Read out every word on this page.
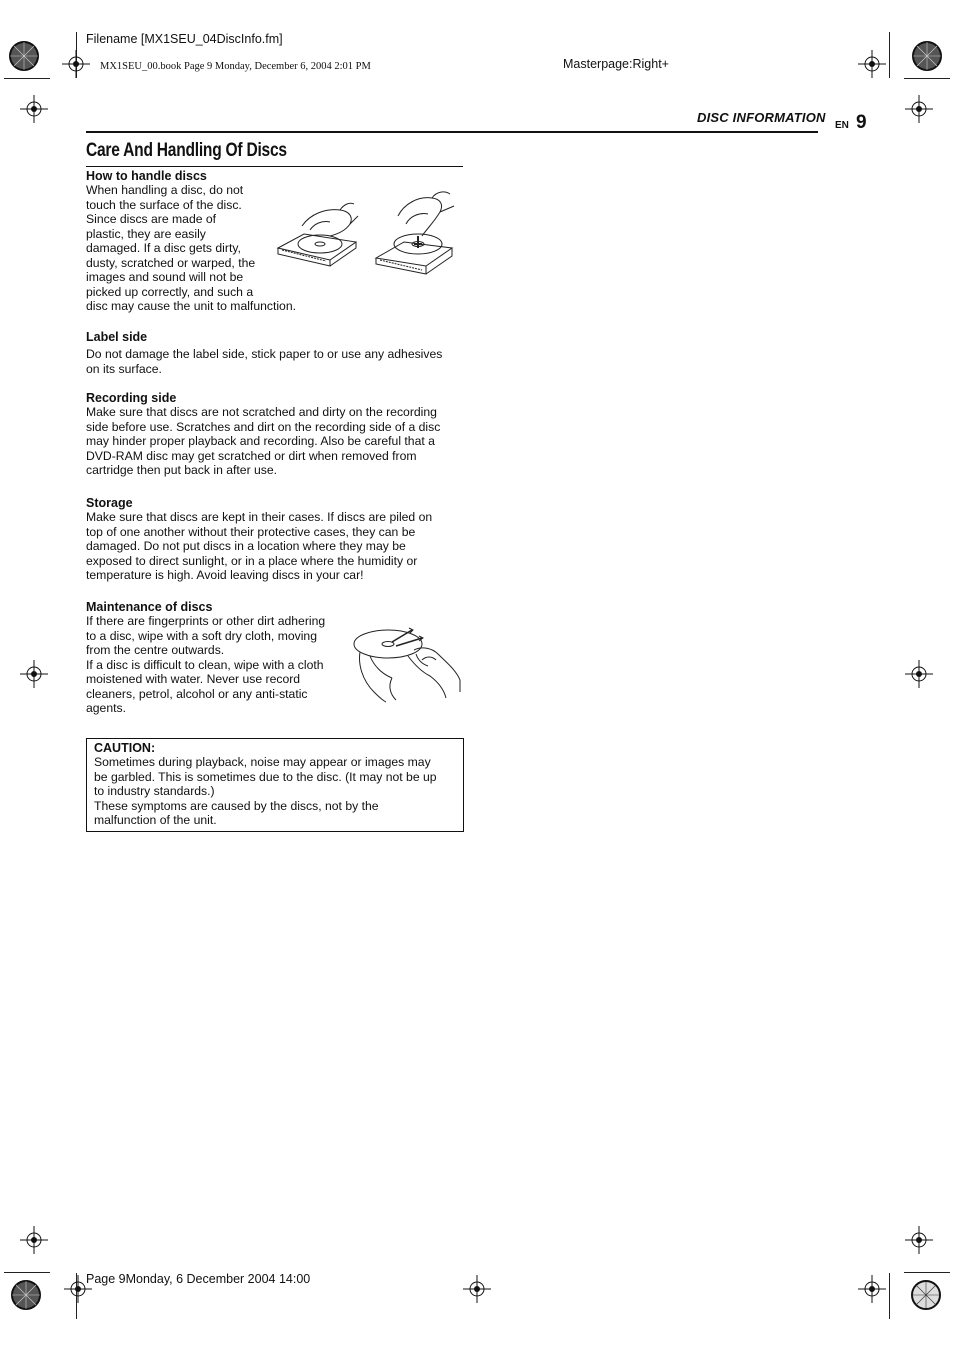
Filename [MX1SEU_04DiscInfo.fm]
MX1SEU_00.book Page 9 Monday, December 6, 2004 2:01 PM	Masterpage:Right+
DISC INFORMATION
EN 9
Care And Handling Of Discs
How to handle discs

When handling a disc, do not

touch the surface of the disc.

Since discs are made of

plastic, they are easily

damaged. If a disc gets dirty,

dusty, scratched or warped, the

images and sound will not be

picked up correctly, and such a

disc may cause the unit to malfunction.

Label side

Do not damage the label side, stick paper to or use any adhesives

on its surface.

Recording side

Make sure that discs are not scratched and dirty on the recording

side before use. Scratches and dirt on the recording side of a disc

may hinder proper playback and recording. Also be careful that a

DVD-RAM disc may get scratched or dirt when removed from

cartridge then put back in after use.

Storage

Make sure that discs are kept in their cases. If discs are piled on

top of one another without their protective cases, they can be

damaged. Do not put discs in a location where they may be

exposed to direct sunlight, or in a place where the humidity or

temperature is high. Avoid leaving discs in your car!

Maintenance of discs

If there are fingerprints or other dirt adhering

to a disc, wipe with a soft dry cloth, moving

from the centre outwards.

If a disc is difficult to clean, wipe with a cloth

moistened with water. Never use record

cleaners, petrol, alcohol or any anti-static

agents.

CAUTION:

Sometimes during playback, noise may appear or images may

be garbled. This is sometimes due to the disc. (It may not be up

to industry standards.)

These symptoms are caused by the discs, not by the

malfunction of the unit.

Page 9Monday, 6 December 2004 14:00
